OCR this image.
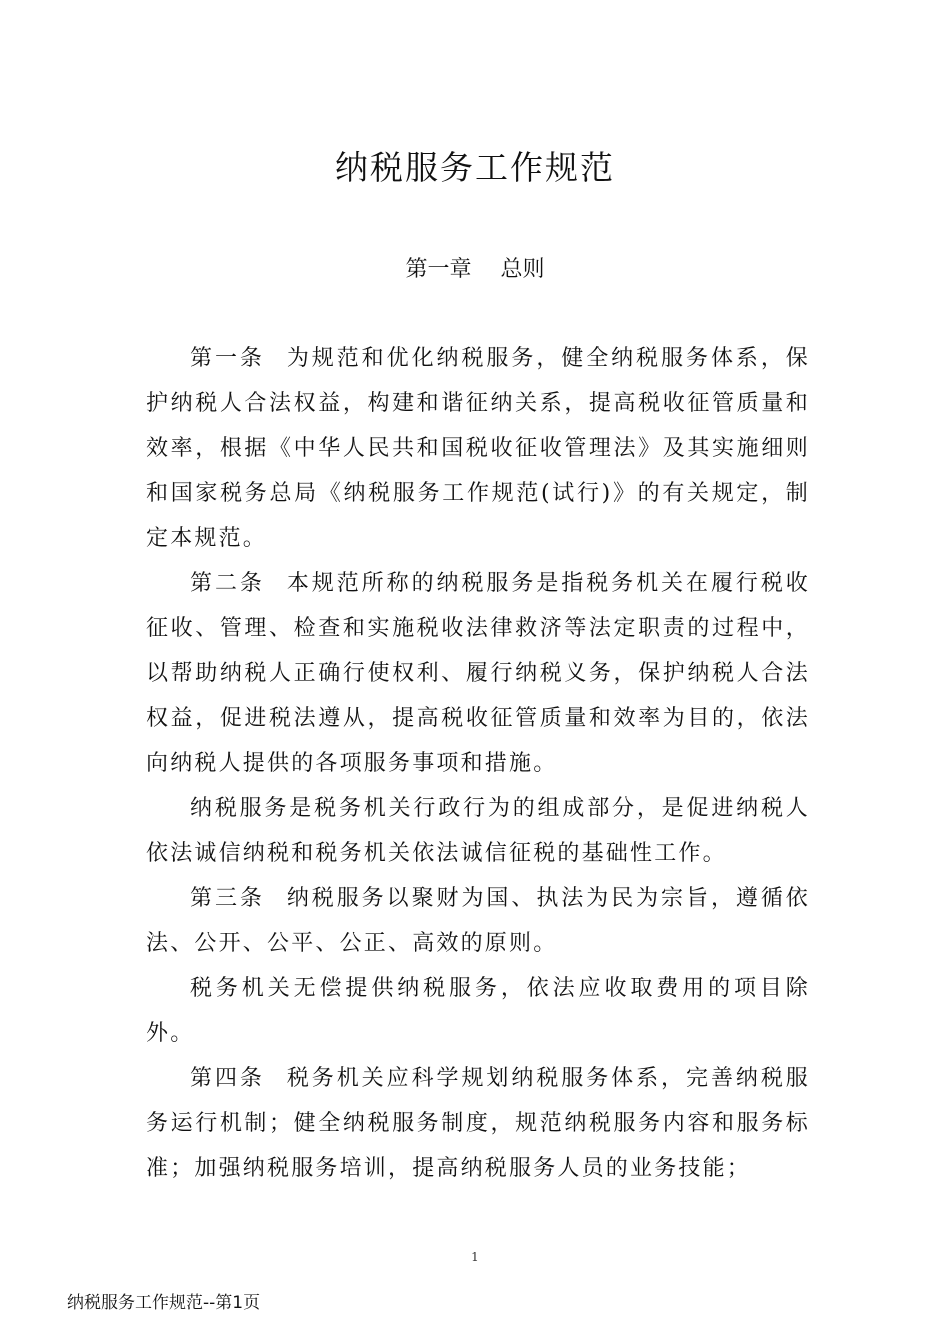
纳税服务工作规范
第一章　 总则

第一条 为规范和优化纳税服务，健全纳税服务体系，保护纳税人合法权益，构建和谐征纳关系，提高税收征管质量和效率，根据《中华人民共和国税收征收管理法》及其实施细则和国家税务总局《纳税服务工作规范(试行)》的有关规定，制定本规范。

第二条 本规范所称的纳税服务是指税务机关在履行税收征收、管理、检查和实施税收法律救济等法定职责的过程中，以帮助纳税人正确行使权利、履行纳税义务，保护纳税人合法权益，促进税法遵从，提高税收征管质量和效率为目的，依法向纳税人提供的各项服务事项和措施。

纳税服务是税务机关行政行为的组成部分，是促进纳税人依法诚信纳税和税务机关依法诚信征税的基础性工作。

第三条 纳税服务以聚财为国、执法为民为宗旨，遵循依法、公开、公平、公正、高效的原则。

税务机关无偿提供纳税服务，依法应收取费用的项目除外。

第四条 税务机关应科学规划纳税服务体系，完善纳税服务运行机制；健全纳税服务制度，规范纳税服务内容和服务标准；加强纳税服务培训，提高纳税服务人员的业务技能；

1
纳税服务工作规范--第1页
